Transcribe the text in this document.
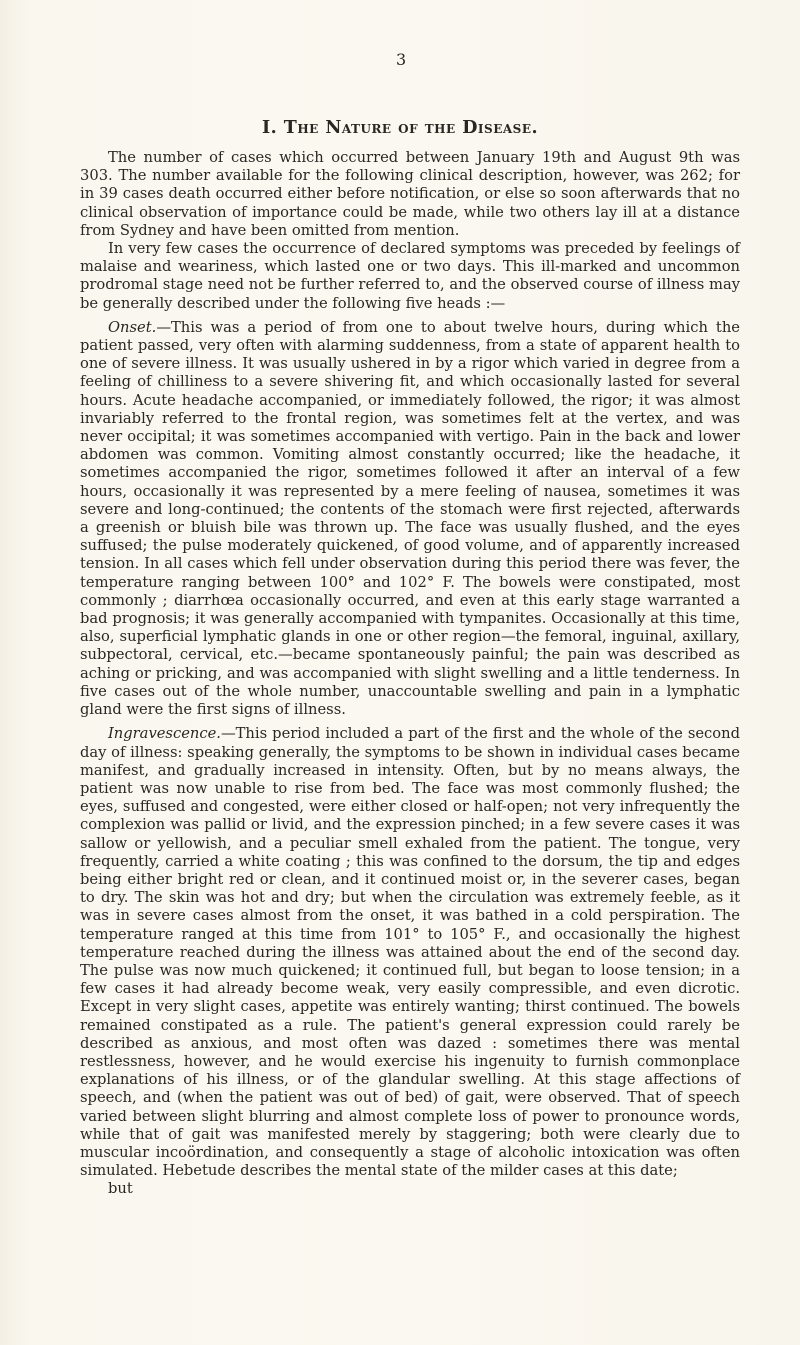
3
I. The Nature of the Disease.

The number of cases which occurred between January 19th and August 9th was 303. The number available for the following clinical description, however, was 262; for in 39 cases death occurred either before notification, or else so soon afterwards that no clinical observation of importance could be made, while two others lay ill at a distance from Sydney and have been omitted from mention.

In very few cases the occurrence of declared symptoms was preceded by feelings of malaise and weariness, which lasted one or two days. This ill-marked and uncommon prodromal stage need not be further referred to, and the observed course of illness may be generally described under the following five heads :—

Onset.—This was a period of from one to about twelve hours, during which the patient passed, very often with alarming suddenness, from a state of apparent health to one of severe illness. It was usually ushered in by a rigor which varied in degree from a feeling of chilliness to a severe shivering fit, and which occasionally lasted for several hours. Acute headache accompanied, or immediately followed, the rigor; it was almost invariably referred to the frontal region, was sometimes felt at the vertex, and was never occipital; it was sometimes accompanied with vertigo. Pain in the back and lower abdomen was common. Vomiting almost constantly occurred; like the headache, it sometimes accompanied the rigor, sometimes followed it after an interval of a few hours, occasionally it was represented by a mere feeling of nausea, sometimes it was severe and long-continued; the contents of the stomach were first rejected, afterwards a greenish or bluish bile was thrown up. The face was usually flushed, and the eyes suffused; the pulse moderately quickened, of good volume, and of apparently increased tension. In all cases which fell under observation during this period there was fever, the temperature ranging between 100° and 102° F. The bowels were constipated, most commonly ; diarrhœa occasionally occurred, and even at this early stage warranted a bad prognosis; it was generally accompanied with tympanites. Occasionally at this time, also, superficial lymphatic glands in one or other region—the femoral, inguinal, axillary, subpectoral, cervical, etc.—became spontaneously painful; the pain was described as aching or pricking, and was accompanied with slight swelling and a little tenderness. In five cases out of the whole number, unaccountable swelling and pain in a lymphatic gland were the first signs of illness.

Ingravescence.—This period included a part of the first and the whole of the second day of illness: speaking generally, the symptoms to be shown in individual cases became manifest, and gradually increased in intensity. Often, but by no means always, the patient was now unable to rise from bed. The face was most commonly flushed; the eyes, suffused and congested, were either closed or half-open; not very infrequently the complexion was pallid or livid, and the expression pinched; in a few severe cases it was sallow or yellowish, and a peculiar smell exhaled from the patient. The tongue, very frequently, carried a white coating ; this was confined to the dorsum, the tip and edges being either bright red or clean, and it continued moist or, in the severer cases, began to dry. The skin was hot and dry; but when the circulation was extremely feeble, as it was in severe cases almost from the onset, it was bathed in a cold perspiration. The temperature ranged at this time from 101° to 105° F., and occasionally the highest temperature reached during the illness was attained about the end of the second day. The pulse was now much quickened; it continued full, but began to loose tension; in a few cases it had already become weak, very easily compressible, and even dicrotic. Except in very slight cases, appetite was entirely wanting; thirst continued. The bowels remained constipated as a rule. The patient's general expression could rarely be described as anxious, and most often was dazed : sometimes there was mental restlessness, however, and he would exercise his ingenuity to furnish commonplace explanations of his illness, or of the glandular swelling. At this stage affections of speech, and (when the patient was out of bed) of gait, were observed. That of speech varied between slight blurring and almost complete loss of power to pronounce words, while that of gait was manifested merely by staggering; both were clearly due to muscular incoördination, and consequently a stage of alcoholic intoxication was often simulated. Hebetude describes the mental state of the milder cases at this date;

but
